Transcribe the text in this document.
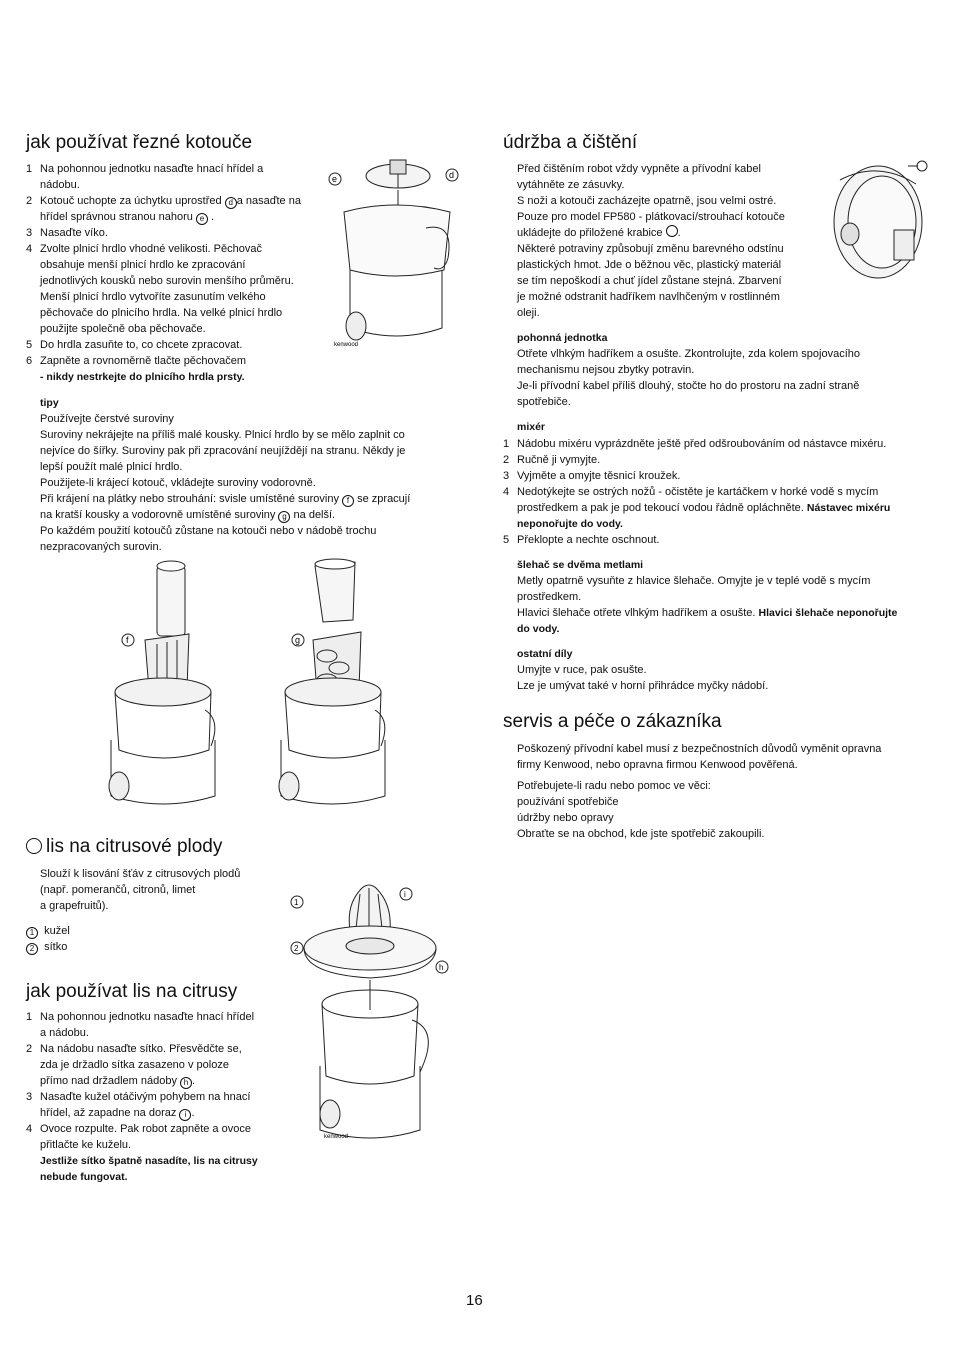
jak používat řezné kotouče
1 Na pohonnou jednotku nasaďte hnací hřídel a
nádobu.
2 Kotouč uchopte za úchytku uprostřed d a nasaďte na
hřídel správnou stranou nahoru e .
3 Nasaďte víko.
4 Zvolte plnicí hrdlo vhodné velikosti. Pěchovač
obsahuje menší plnicí hrdlo ke zpracování
jednotlivých kousků nebo surovin menšího průměru.
Menší plnicí hrdlo vytvoříte zasunutím velkého
pěchovače do plnicího hrdla. Na velké plnicí hrdlo
použijte společně oba pěchovače.
5 Do hrdla zasuňte to, co chcete zpracovat.
6 Zapněte a rovnoměrně tlačte pěchovačem
- nikdy nestrkejte do plnicího hrdla prsty.

tipy

Používejte čerstvé suroviny

Suroviny nekrájejte na příliš malé kousky. Plnicí hrdlo by se mělo zaplnit co

nejvíce do šířky. Suroviny pak při zpracování neujíždějí na stranu. Někdy je

lepší použít malé plnicí hrdlo.

Použijete-li krájecí kotouč, vkládejte suroviny vodorovně.

Při krájení na plátky nebo strouhání: svisle umístěné suroviny f se zpracují

na kratší kousky a vodorovně umístěné suroviny g na delší.

Po každém použití kotoučů zůstane na kotouči nebo v nádobě trochu

nezpracovaných surovin.

e	d
kenwood
f	g
lis na citrusové plody

Slouží k lisování šťáv z citrusových plodů

(např. pomerančů, citronů, limet

a grapefruitů).

1 kužel

2 sítko

jak používat lis na citrusy
1 Na pohonnou jednotku nasaďte hnací hřídel
a nádobu.
2 Na nádobu nasaďte sítko. Přesvědčte se,
zda je držadlo sítka zasazeno v poloze
přímo nad držadlem nádoby h .
3 Nasaďte kužel otáčivým pohybem na hnací
hřídel, až zapadne na doraz i .
4 Ovoce rozpulte. Pak robot zapněte a ovoce
přitlačte ke kuželu.
Jestliže sítko špatně nasadíte, lis na citrusy
nebude fungovat.
1
2
i
h
kenwood
údržba a čištění

Před čištěním robot vždy vypněte a přívodní kabel

vytáhněte ze zásuvky.

S noži a kotouči zacházejte opatrně, jsou velmi ostré.

Pouze pro model FP580 - plátkovací/strouhací kotouče

ukládejte do přiložené krabice .

Některé potraviny způsobují změnu barevného odstínu

plastických hmot. Jde o běžnou věc, plastický materiál

se tím nepoškodí a chuť jídel zůstane stejná. Zbarvení

je možné odstranit hadříkem navlhčeným v rostlinném

oleji.

pohonná jednotka

Otřete vlhkým hadříkem a osušte. Zkontrolujte, zda kolem spojovacího

mechanismu nejsou zbytky potravin.

Je-li přívodní kabel příliš dlouhý, stočte ho do prostoru na zadní straně

spotřebiče.

mixér

1 Nádobu mixéru vyprázdněte ještě před odšroubováním od nástavce mixéru.
2 Ručně ji vymyjte.
3 Vyjměte a omyjte těsnicí kroužek.
4 Nedotýkejte se ostrých nožů - očistěte je kartáčkem v horké vodě s mycím
prostředkem a pak je pod tekoucí vodou řádně opláchněte. Nástavec mixéru
neponořujte do vody.
5 Překlopte a nechte oschnout.

šlehač se dvěma metlami

Metly opatrně vysuňte z hlavice šlehače. Omyjte je v teplé vodě s mycím

prostředkem.

Hlavici šlehače otřete vlhkým hadříkem a osušte. Hlavici šlehače neponořujte

do vody.

ostatní díly

Umyjte v ruce, pak osušte.

Lze je umývat také v horní přihrádce myčky nádobí.

servis a péče o zákazníka

Poškozený přívodní kabel musí z bezpečnostních důvodů vyměnit opravna

firmy Kenwood, nebo opravna firmou Kenwood pověřená.

Potřebujete-li radu nebo pomoc ve věci:

používání spotřebiče

údržby nebo opravy

Obraťte se na obchod, kde jste spotřebič zakoupili.

16
